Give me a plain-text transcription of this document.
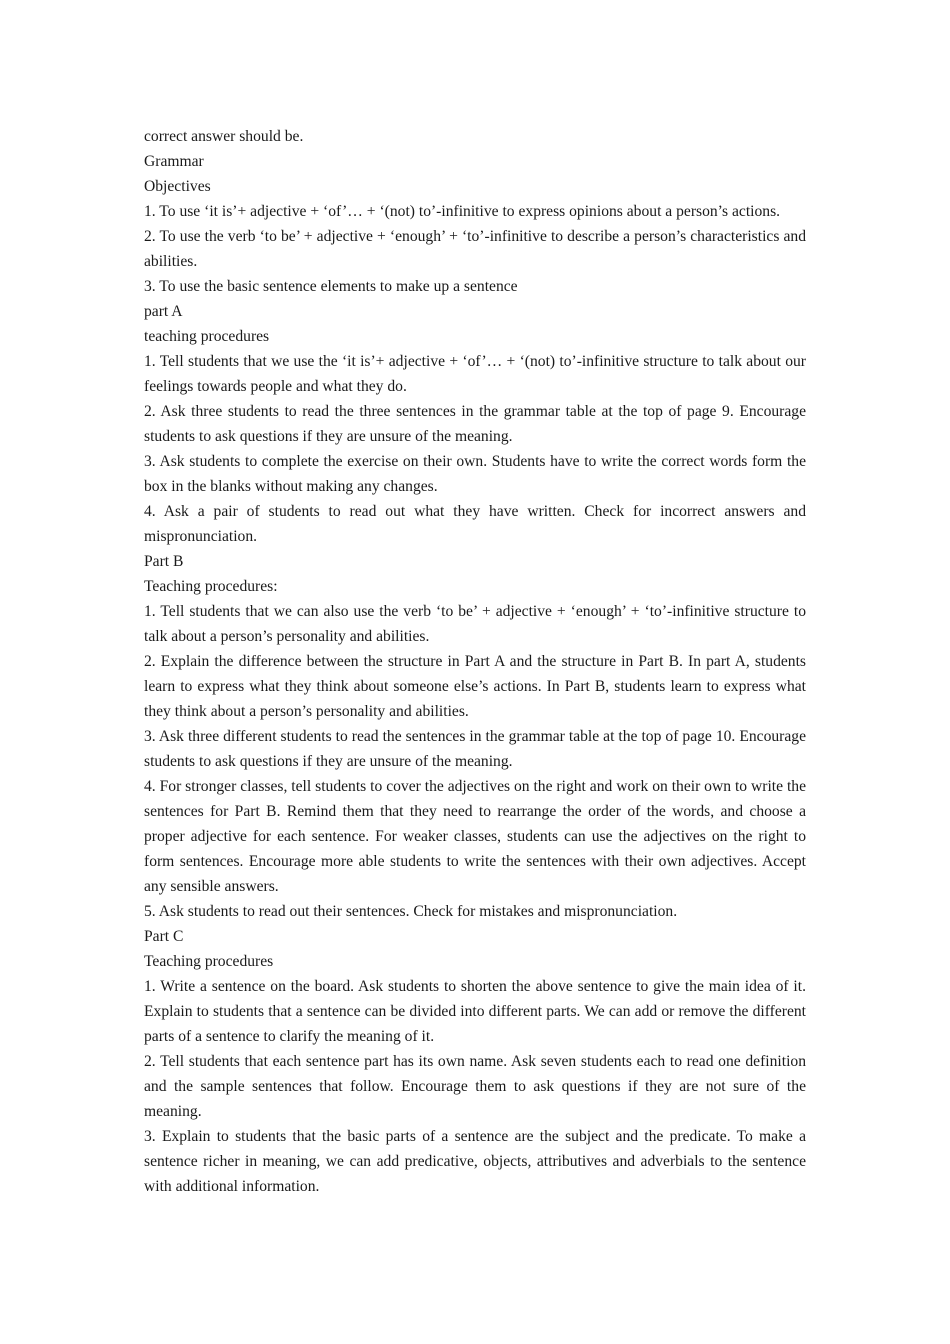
correct answer should be.

Grammar

Objectives

1. To use ‘it is’+ adjective + ‘of’… + ‘(not) to’-infinitive to express opinions about a person’s actions.

2. To use the verb ‘to be’ + adjective + ‘enough’ + ‘to’-infinitive to describe a person’s characteristics and abilities.

3. To use the basic sentence elements to make up a sentence

part A

teaching procedures

1. Tell students that we use the ‘it is’+ adjective + ‘of’… + ‘(not) to’-infinitive structure to talk about our feelings towards people and what they do.

2. Ask three students to read the three sentences in the grammar table at the top of page 9. Encourage students to ask questions if they are unsure of the meaning.

3. Ask students to complete the exercise on their own. Students have to write the correct words form the box in the blanks without making any changes.

4. Ask a pair of students to read out what they have written. Check for incorrect answers and mispronunciation.

Part B

Teaching procedures:

1. Tell students that we can also use the verb ‘to be’ + adjective + ‘enough’ + ‘to’-infinitive structure to talk about a person’s personality and abilities.

2. Explain the difference between the structure in Part A and the structure in Part B. In part A, students learn to express what they think about someone else’s actions. In Part B, students learn to express what they think about a person’s personality and abilities.

3. Ask three different students to read the sentences in the grammar table at the top of page 10. Encourage students to ask questions if they are unsure of the meaning.

4. For stronger classes, tell students to cover the adjectives on the right and work on their own to write the sentences for Part B. Remind them that they need to rearrange the order of the words, and choose a proper adjective for each sentence. For weaker classes, students can use the adjectives on the right to form sentences. Encourage more able students to write the sentences with their own adjectives. Accept any sensible answers.

5. Ask students to read out their sentences. Check for mistakes and mispronunciation.

Part C

Teaching procedures

1. Write a sentence on the board. Ask students to shorten the above sentence to give the main idea of it. Explain to students that a sentence can be divided into different parts. We can add or remove the different parts of a sentence to clarify the meaning of it.

2. Tell students that each sentence part has its own name. Ask seven students each to read one definition and the sample sentences that follow. Encourage them to ask questions if they are not sure of the meaning.

3. Explain to students that the basic parts of a sentence are the subject and the predicate. To make a sentence richer in meaning, we can add predicative, objects, attributives and adverbials to the sentence with additional information.
